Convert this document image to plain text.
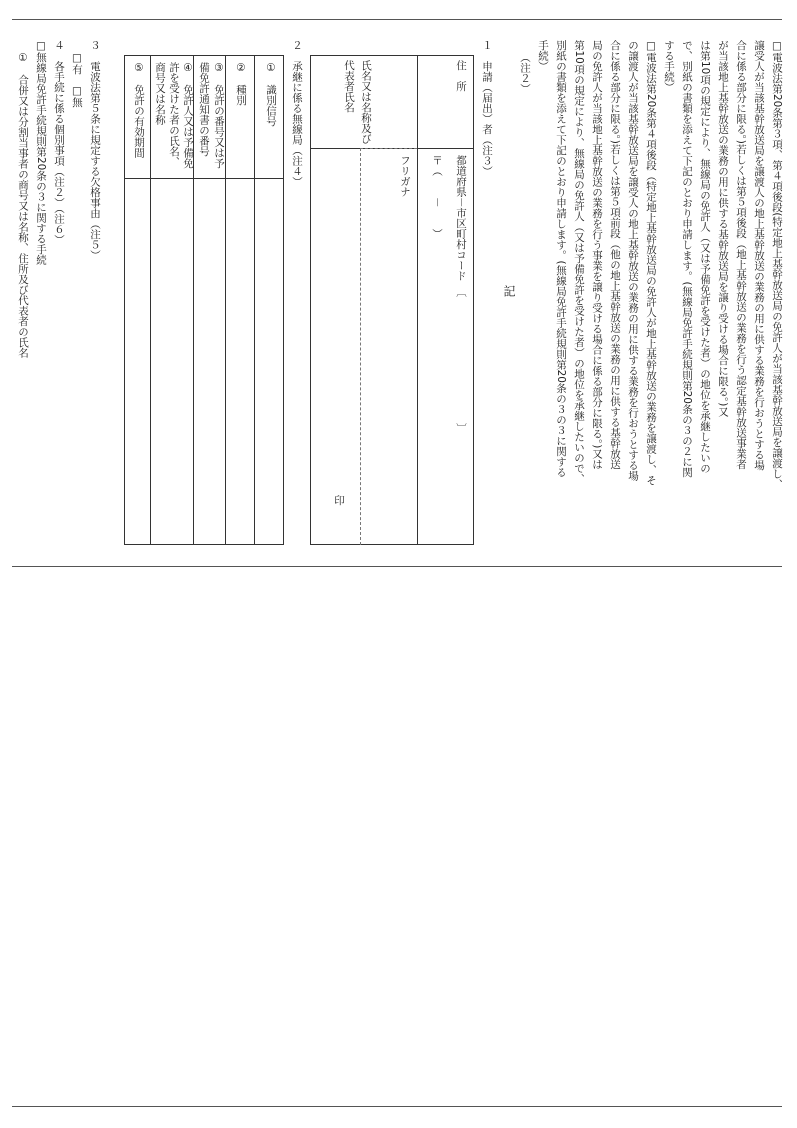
□電波法第20条第３項、第４項後段(特定地上基幹放送局の免許人が当該基幹放送局を譲渡し、
譲受人が当該基幹放送局を譲渡人の地上基幹放送の業務の用に供する業務を行おうとする場
合に係る部分に限る。)若しくは第５項後段（地上基幹放送の業務を行う認定基幹放送事業者
が当該地上基幹放送の業務の用に供する基幹放送局を譲り受ける場合に限る。)又
は第10項の規定により、無線局の免許人（又は予備免許を受けた者）の地位を承継したいの
で、別紙の書類を添えて下記のとおり申請します。(無線局免許手続規則第20条の３の２に関
する手続）
□電波法第20条第４項後段（特定地上基幹放送局の免許人が地上基幹放送の業務を譲渡し、そ
の譲渡人が当該基幹放送局を譲受人の地上基幹放送の業務の用に供する業務を行おうとする場
合に係る部分に限る。)若しくは第５項前段（他の地上基幹放送の業務の用に供する基幹放送
局の免許人が当該地上基幹放送の業務を行う事業を譲り受ける場合に係る部分に限る。)又は
第10項の規定により、無線局の免許人（又は予備免許を受けた者）の地位を承継したいので、
別紙の書類を添えて下記のとおり申請します。(無線局免許手続規則第20条の３の３に関する
手続）
（注２）
記
１　申請（届出）者（注３）
住　所
都道府県－市区町村コード　〔　　　　　　　　　　　　〕
〒（　　－　　）
氏名又は名称及び代表者氏名
フリガナ
印
２　承継に係る無線局（注４）
①　識別信号
②　種別
③　免許の番号又は予備免許通知書の番号
④　免許人又は予備免許を受けた者の氏名、商号又は名称
⑤　免許の有効期間
３　電波法第５条に規定する欠格事由（注５）
□有　□無
４　各手続に係る個別事項（注２）（注６）
□無線局免許手続規則第20条の３に関する手続
①　合併又は分割当事者の商号又は名称、住所及び代表者の氏名
